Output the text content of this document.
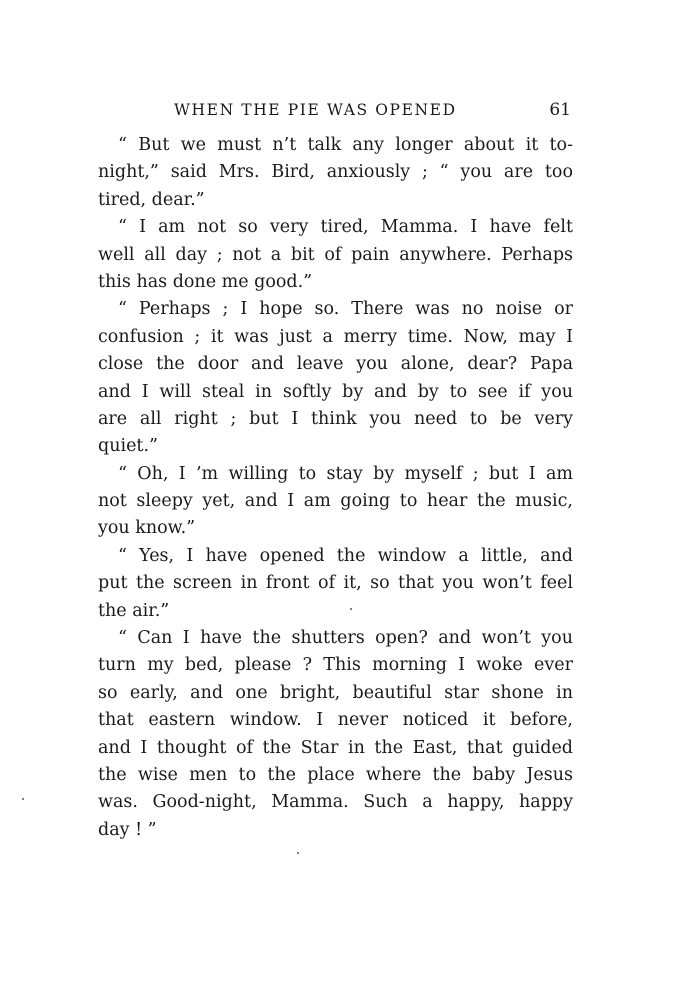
WHEN THE PIE WAS OPENED	61
“ But we must n’t talk any longer about it to-
night,” said Mrs. Bird, anxiously ; “ you are too
tired, dear.”
“ I am not so very tired, Mamma. I have felt
well all day ; not a bit of pain anywhere. Perhaps
this has done me good.”
“ Perhaps ; I hope so. There was no noise or
confusion ; it was just a merry time. Now, may I
close the door and leave you alone, dear? Papa
and I will steal in softly by and by to see if you
are all right ; but I think you need to be very
quiet.”
“ Oh, I ’m willing to stay by myself ; but I am
not sleepy yet, and I am going to hear the music,
you know.”
“ Yes, I have opened the window a little, and
put the screen in front of it, so that you won’t feel
the air.”
“ Can I have the shutters open? and won’t you
turn my bed, please ? This morning I woke ever
so early, and one bright, beautiful star shone in
that eastern window. I never noticed it before,
and I thought of the Star in the East, that guided
the wise men to the place where the baby Jesus
was. Good-night, Mamma. Such a happy, happy
day ! ”
